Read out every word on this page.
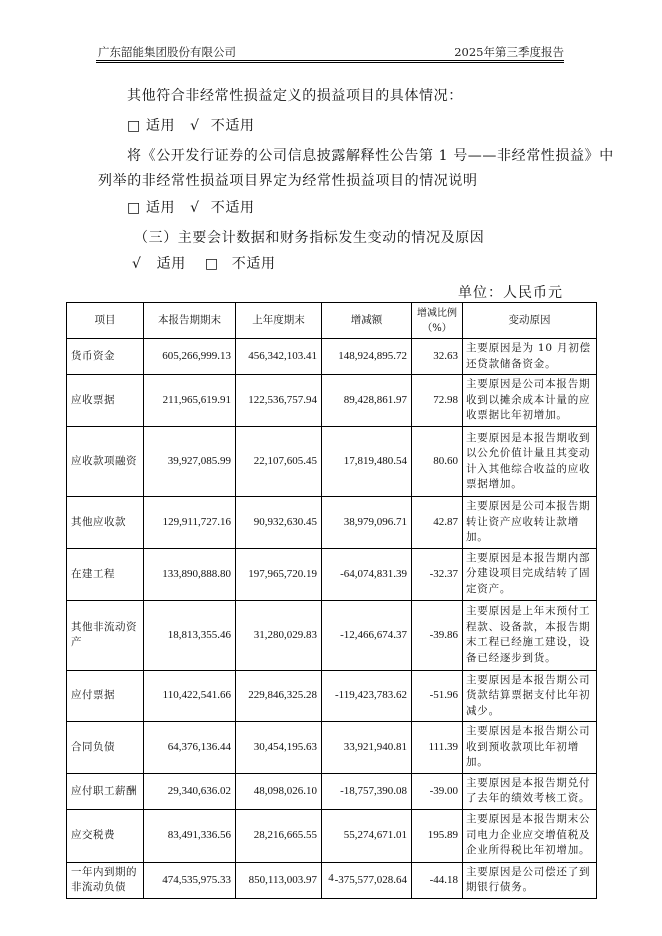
广东韶能集团股份有限公司	2025年第三季度报告
其他符合非经常性损益定义的损益项目的具体情况：
□ 适用 √ 不适用
将《公开发行证券的公司信息披露解释性公告第 1 号——非经常性损益》中
列举的非经常性损益项目界定为经常性损益项目的情况说明
□ 适用 √ 不适用
（三）主要会计数据和财务指标发生变动的情况及原因
√ 适用 □ 不适用
单位：人民币元
项目	本报告期期末	上年度期末	增减额	增减比例（%）	变动原因
货币资金	605,266,999.13	456,342,103.41	148,924,895.72	32.63	主要原因是为 10 月初偿还贷款储备资金。
应收票据	211,965,619.91	122,536,757.94	89,428,861.97	72.98	主要原因是公司本报告期收到以摊余成本计量的应收票据比年初增加。
应收款项融资	39,927,085.99	22,107,605.45	17,819,480.54	80.60	主要原因是本报告期收到以公允价值计量且其变动计入其他综合收益的应收票据增加。
其他应收款	129,911,727.16	90,932,630.45	38,979,096.71	42.87	主要原因是公司本报告期转让资产应收转让款增加。
在建工程	133,890,888.80	197,965,720.19	-64,074,831.39	-32.37	主要原因是本报告期内部分建设项目完成结转了固定资产。
其他非流动资产	18,813,355.46	31,280,029.83	-12,466,674.37	-39.86	主要原因是上年末预付工程款、设备款，本报告期末工程已经施工建设，设备已经逐步到货。
应付票据	110,422,541.66	229,846,325.28	-119,423,783.62	-51.96	主要原因是本报告期公司货款结算票据支付比年初减少。
合同负债	64,376,136.44	30,454,195.63	33,921,940.81	111.39	主要原因是本报告期公司收到预收款项比年初增加。
应付职工薪酬	29,340,636.02	48,098,026.10	-18,757,390.08	-39.00	主要原因是本报告期兑付了去年的绩效考核工资。
应交税费	83,491,336.56	28,216,665.55	55,274,671.01	195.89	主要原因是本报告期末公司电力企业应交增值税及企业所得税比年初增加。
一年内到期的非流动负债	474,535,975.33	850,113,003.97	-375,577,028.64	-44.18	主要原因是公司偿还了到期银行债务。
4
